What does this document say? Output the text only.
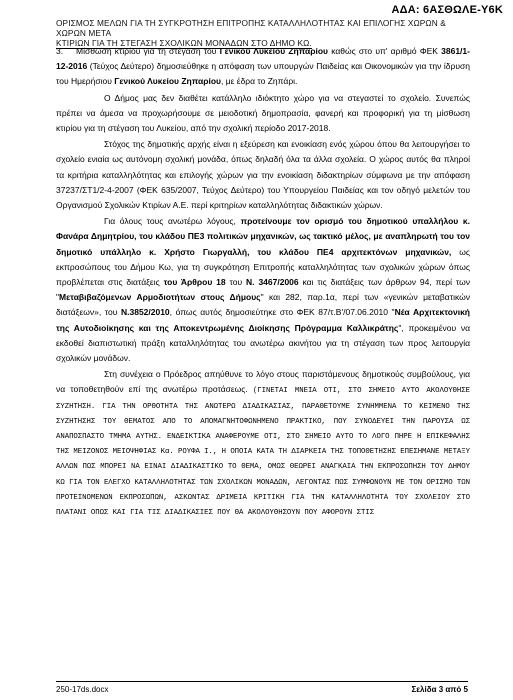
ΑΔΑ: 6ΑΣΘΩΛΕ-Υ6Κ
ΟΡΙΣΜΟΣ ΜΕΛΩΝ ΓΙΑ ΤΗ ΣΥΓΚΡΟΤΗΣΗ ΕΠΙΤΡΟΠΗΣ ΚΑΤΑΛΛΗΛΟΤΗΤΑΣ ΚΑΙ ΕΠΙΛΟΓΗΣ ΧΩΡΩΝ & ΧΩΡΩΝ ΜΕΤΑ
ΚΤΙΡΙΩΝ ΓΙΑ ΤΗ ΣΤΕΓΑΣΗ ΣΧΟΛΙΚΩΝ ΜΟΝΑΔΩΝ ΣΤΟ ΔΗΜΟ ΚΩ.

3. Μίσθωση κτιρίου για τη στέγαση του Γενικού Λυκείου Ζηπαρίου καθώς στο υπ' αριθμό ΦΕΚ 3861/1-12-2016 (Τεύχος Δεύτερο) δημοσιεύθηκε η απόφαση των υπουργών Παιδείας και Οικονομικών για την ίδρυση του Ημερήσιου Γενικού Λυκείου Ζηπαρίου, με έδρα το Ζηπάρι.

Ο Δήμος μας δεν διαθέτει κατάλληλο ιδιόκτητο χώρο για να στεγαστεί το σχολείο. Συνεπώς πρέπει να άμεσα να προχωρήσουμε σε μειοδοτική δημοπρασία, φανερή και προφορική για τη μίσθωση κτιρίου για τη στέγαση του Λυκείου, από την σχολική περίοδο 2017-2018.

Στόχος της δημοτικής αρχής είναι η εξεύρεση και ενοικίαση ενός χώρου όπου θα λειτουργήσει το σχολείο ενιαία ως αυτόνομη σχολική μονάδα, όπως δηλαδή όλα τα άλλα σχολεία. Ο χώρος αυτός θα πληροί τα κριτήρια καταλληλότητας και επιλογής χώρων για την ενοικίαση διδακτηρίων σύμφωνα με την απόφαση 37237/ΣΤ1/2-4-2007 (ΦΕΚ 635/2007, Τεύχος Δεύτερο) του Υπουργείου Παιδείας και τον οδηγό μελετών του Οργανισμού Σχολικών Κτιρίων Α.Ε. περί κριτηρίων καταλληλότητας διδακτικών χώρων.

Για όλους τους ανωτέρω λόγους, προτείνουμε τον ορισμό του δημοτικού υπαλλήλου κ. Φανάρα Δημητρίου, του κλάδου ΠΕ3 πολιτικών μηχανικών, ως τακτικό μέλος, με αναπληρωτή του τον δημοτικό υπάλληλο κ. Χρήστο Γιωργαλλή, του κλάδου ΠΕ4 αρχιτεκτόνων μηχανικών, ως εκπροσώπους του Δήμου Κω, για τη συγκρότηση Επιτροπής καταλληλότητας των σχολικών χώρων όπως προβλέπεται στις διατάξεις του Άρθρου 18 του Ν. 3467/2006 και τις διατάξεις των άρθρων 94, περί των "Μεταβιβαζόμενων Αρμοδιοτήτων στους Δήμους" και 282, παρ.1α, περί των «γενικών μεταβατικών διατάξεων», του Ν.3852/2010, όπως αυτός δημοσιεύτηκε στο ΦΕΚ 87/τ.Β'/07.06.2010 "Νέα Αρχιτεκτονική της Αυτοδιοίκησης και της Αποκεντρωμένης Διοίκησης Πρόγραμμα Καλλικράτης", προκειμένου να εκδοθεί διαπιστωτική πράξη καταλληλότητας του ανωτέρω ακινήτου για τη στέγαση των προς λειτουργία σχολικών μονάδων.

Στη συνέχεια ο Πρόεδρος απηύθυνε το λόγο στους παριστάμενους δημοτικούς συμβούλους, για να τοποθετηθούν επί της ανωτέρω προτάσεως. (ΓΙΝΕΤΑΙ ΜΝΕΙΑ ΟΤΙ, ΣΤΟ ΣΗΜΕΙΟ ΑΥΤΟ ΑΚΟΛΟΥΘΗΣΕ ΣΥΖΗΤΗΣΗ. ΓΙΑ ΤΗΝ ΟΡΘΟΤΗΤΑ ΤΗΣ ΑΝΩΤΕΡΩ ΔΙΑΔΙΚΑΣΙΑΣ, ΠΑΡΑΘΕΤΟΥΜΕ ΣΥΝΗΜΜΕΝΑ ΤΟ ΚΕΙΜΕΝΟ ΤΗΣ ΣΥΖΗΤΗΣΗΣ ΤΟΥ ΘΕΜΑΤΟΣ ΑΠΟ ΤΟ ΑΠΟΜΑΓΝΗΤΟΦΩΝΗΜΕΝΟ ΠΡΑΚΤΙΚΟ, ΠΟΥ ΣΥΝΟΔΕΥΕΙ ΤΗΝ ΠΑΡΟΥΣΑ ΩΣ ΑΝΑΠΟΣΠΑΣΤΟ ΤΜΗΜΑ ΑΥΤΗΣ. ΕΝΔΕΙΚΤΙΚΑ ΑΝΑΦΕΡΟΥΜΕ ΟΤΙ, ΣΤΟ ΣΗΜΕΙΟ ΑΥΤΟ ΤΟ ΛΟΓΟ ΠΗΡΕ Η ΕΠΙΚΕΦΑΛΗΣ ΤΗΣ ΜΕΙΖΟΝΟΣ ΜΕΙΟΨΗΦΙΑΣ Κα. ΡΟΥΦΑ Ι., Η ΟΠΟΙΑ ΚΑΤΑ ΤΗ ΔΙΑΡΚΕΙΑ ΤΗΣ ΤΟΠΟΘΕΤΗΣΗΣ ΕΠΕΣΗΜΑΝΕ ΜΕΤΑΞΥ ΑΛΛΩΝ ΠΩΣ ΜΠΟΡΕΙ ΝΑ ΕΙΝΑΙ ΔΙΑΔΙΚΑΣΤΙΚΟ ΤΟ ΘΕΜΑ, ΟΜΩΣ ΘΕΩΡΕΙ ΑΝΑΓΚΑΙΑ ΤΗΝ ΕΚΠΡΟΣΩΠΗΣΗ ΤΟΥ ΔΗΜΟΥ ΚΩ ΓΙΑ ΤΟΝ ΕΛΕΓΧΟ ΚΑΤΑΛΛΗΛΟΤΗΤΑΣ ΤΩΝ ΣΧΟΛΙΚΩΝ ΜΟΝΑΔΩΝ, ΛΕΓΟΝΤΑΣ ΠΩΣ ΣΥΜΦΩΝΟΥΝ ΜΕ ΤΟΝ ΟΡΙΣΜΟ ΤΩΝ ΠΡΟΤΕΙΝΟΜΕΝΩΝ ΕΚΠΡΟΣΩΠΩΝ, ΑΣΚΩΝΤΑΣ ΔΡΙΜΕΙΑ ΚΡΙΤΙΚΗ ΓΙΑ ΤΗΝ ΚΑΤΑΛΛΗΛΟΤΗΤΑ ΤΟΥ ΣΧΟΛΕΙΟΥ ΣΤΟ ΠΛΑΤΑΝΙ ΟΠΩΣ ΚΑΙ ΓΙΑ ΤΙΣ ΔΙΑΔΙΚΑΣΙΕΣ ΠΟΥ ΘΑ ΑΚΟΛΟΥΘΗΣΟΥΝ ΠΟΥ ΑΦΟΡΟΥΝ ΣΤΙΣ

250-17ds.docx	Σελίδα 3 από 5
